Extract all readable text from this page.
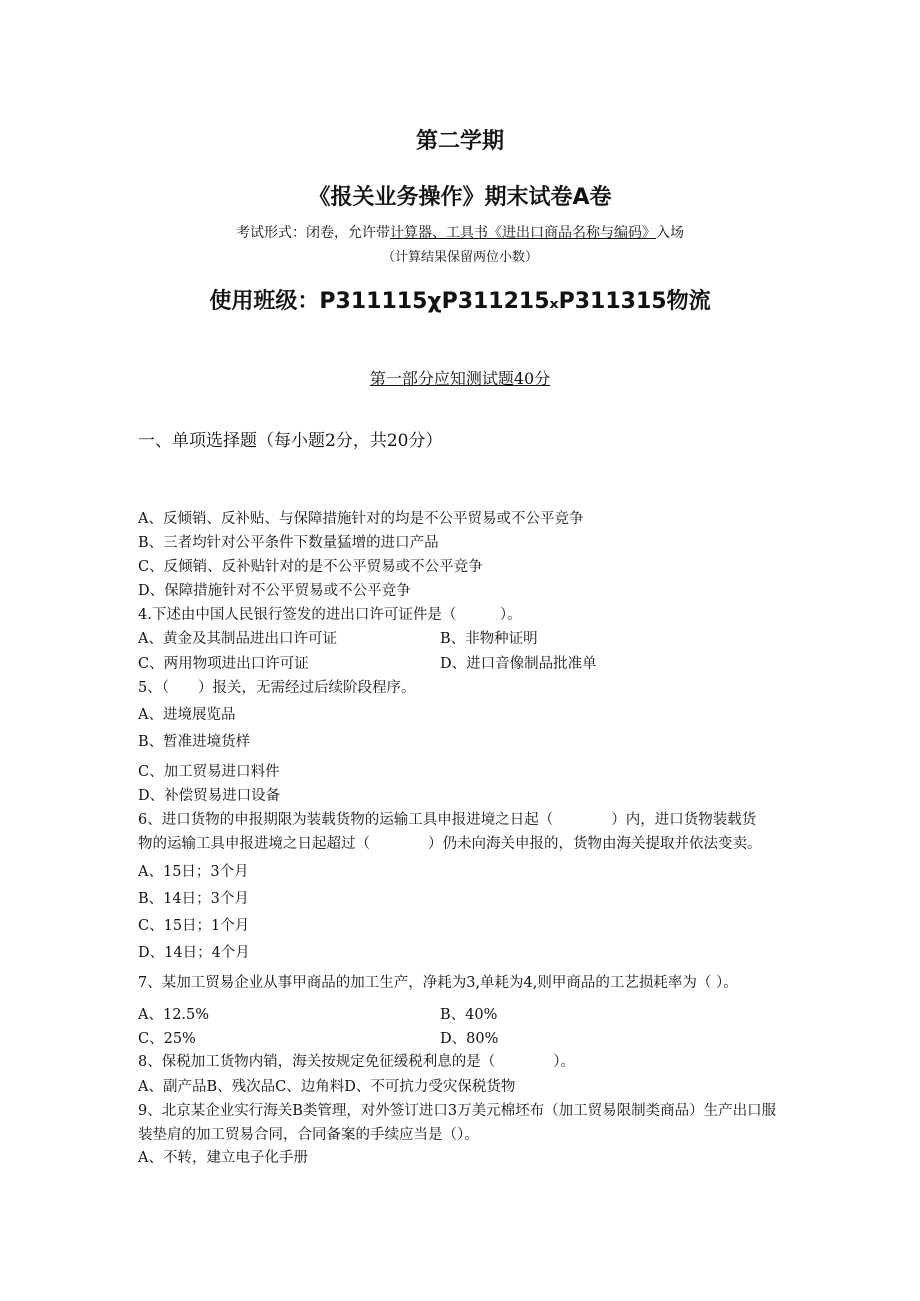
第二学期
《报关业务操作》期末试卷A卷
考试形式：闭卷，允许带计算器、工具书《进出口商品名称与编码》入场
（计算结果保留两位小数）
使用班级：P311115χP311215ₓP311315物流
第一部分应知测试题40分
一、单项选择题（每小题2分，共20分）
A、反倾销、反补贴、与保障措施针对的均是不公平贸易或不公平竞争
B、三者均针对公平条件下数量猛增的进口产品
C、反倾销、反补贴针对的是不公平贸易或不公平竞争
D、保障措施针对不公平贸易或不公平竞争
4.下述由中国人民银行签发的进出口许可证件是（　　　）。
A、黄金及其制品进出口许可证	B、非物种证明
C、两用物项进出口许可证	D、进口音像制品批准单
5、（　　）报关，无需经过后续阶段程序。
A、进境展览品
B、暂准进境货样
C、加工贸易进口料件
D、补偿贸易进口设备
6、进口货物的申报期限为装载货物的运输工具申报进境之日起（　　　　）内，进口货物装载货
物的运输工具申报进境之日起超过（　　　　）仍未向海关申报的，货物由海关提取并依法变卖。
A、15日；3个月
B、14日；3个月
C、15日；1个月
D、14日；4个月
7、某加工贸易企业从事甲商品的加工生产，净耗为3,单耗为4,则甲商品的工艺损耗率为（ ）。
A、12.5%	B、40%
C、25%	D、80%
8、保税加工货物内销，海关按规定免征缓税利息的是（　　　　）。
A、副产品B、残次品C、边角料D、不可抗力受灾保税货物
9、北京某企业实行海关B类管理，对外签订进口3万美元棉坯布（加工贸易限制类商品）生产出口服
装垫肩的加工贸易合同，合同备案的手续应当是（）。
A、不转，建立电子化手册
